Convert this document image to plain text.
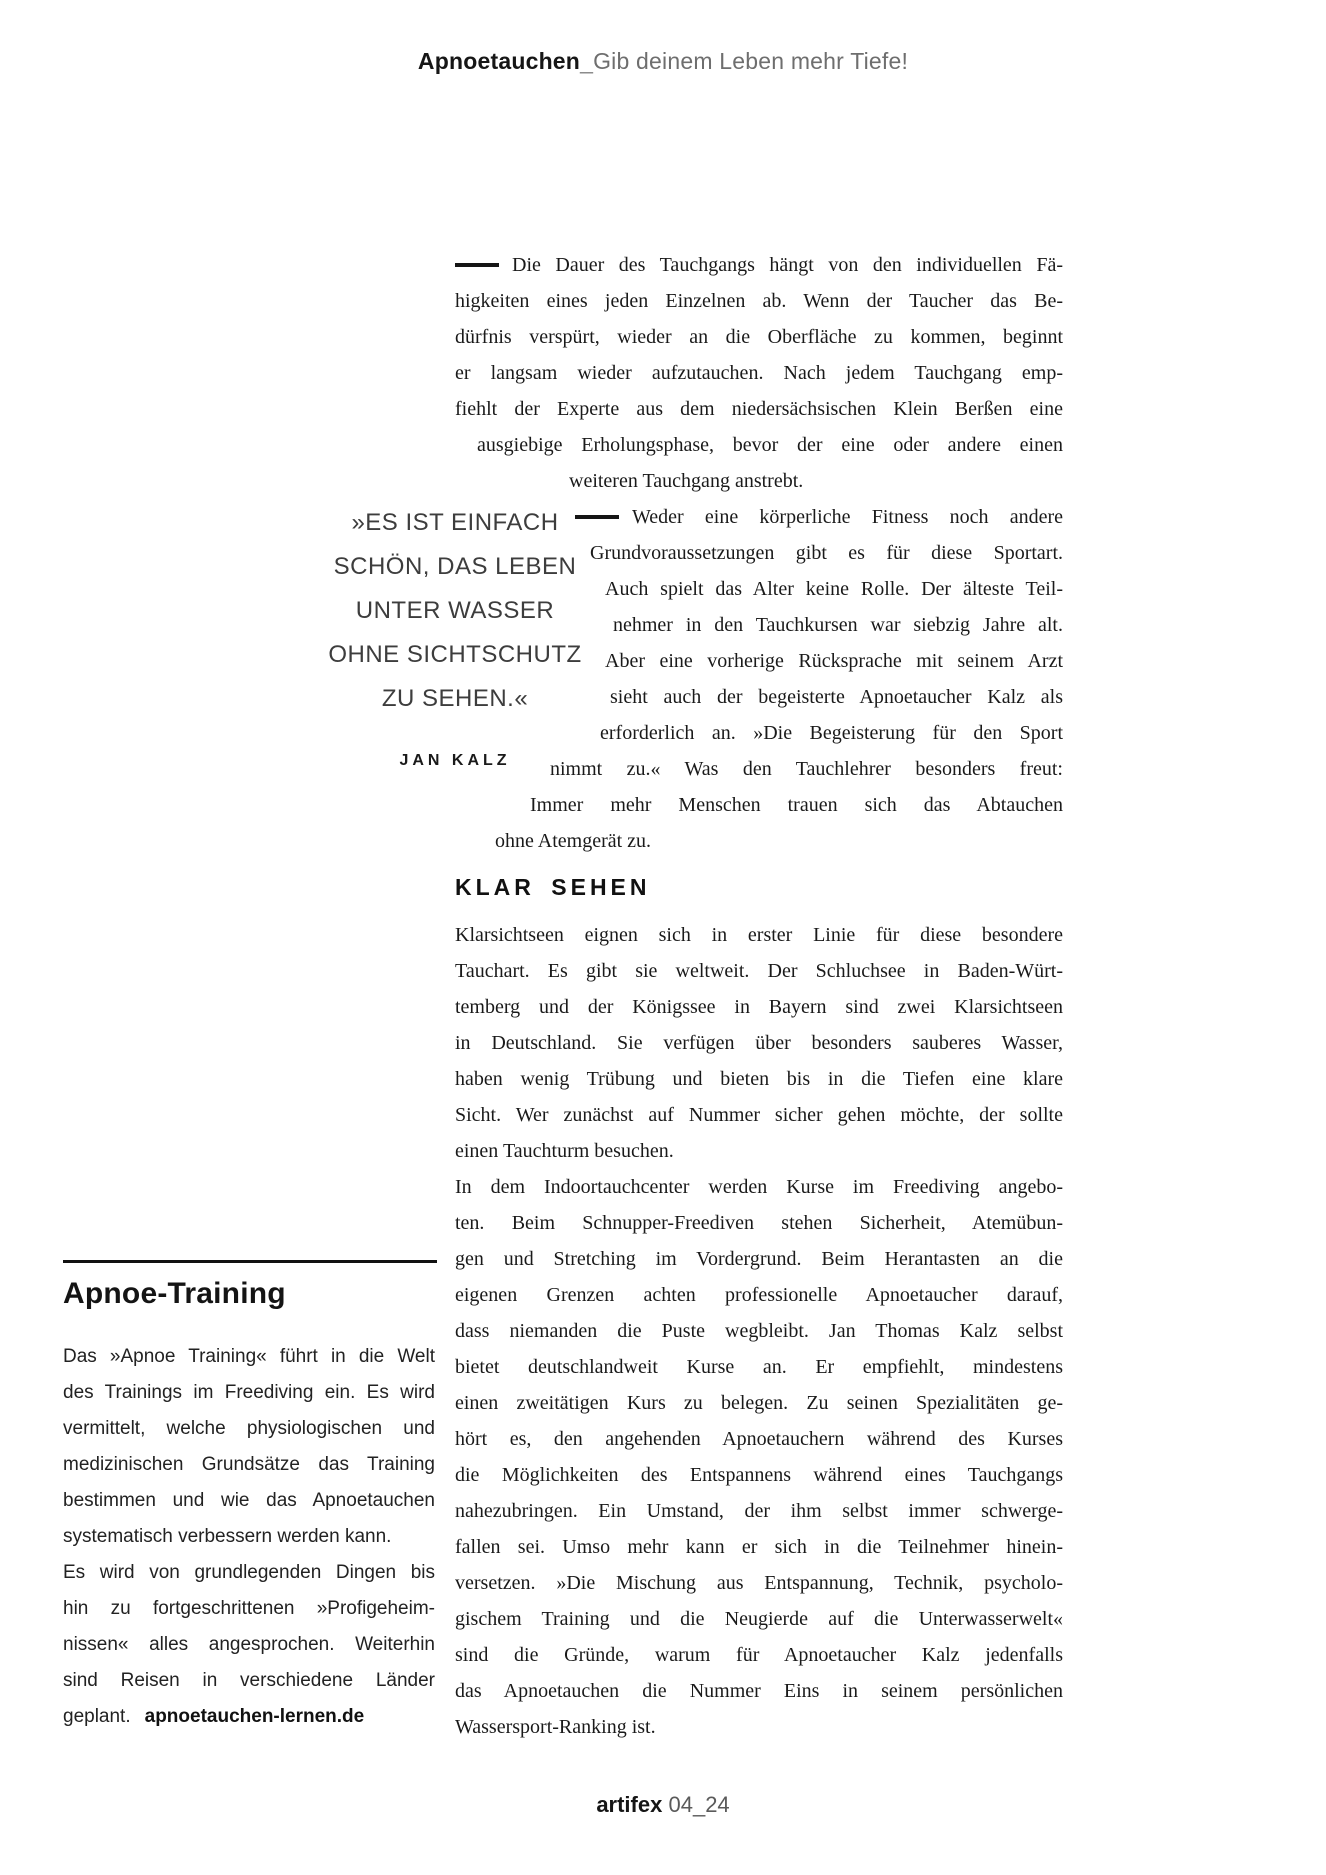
Apnoetauchen_Gib deinem Leben mehr Tiefe!
»ES IST EINFACH
SCHÖN, DAS LEBEN
UNTER WASSER
OHNE SICHTSCHUTZ
ZU SEHEN.«
JAN KALZ
Die Dauer des Tauchgangs hängt von den individuellen Fä-
higkeiten eines jeden Einzelnen ab. Wenn der Taucher das Be-
dürfnis verspürt, wieder an die Oberfläche zu kommen, beginnt
er langsam wieder aufzutauchen. Nach jedem Tauchgang emp-
fiehlt der Experte aus dem niedersächsischen Klein Berßen eine
ausgiebige Erholungsphase, bevor der eine oder andere einen
weiteren Tauchgang anstrebt.
Weder eine körperliche Fitness noch andere
Grundvoraussetzungen gibt es für diese Sportart.
Auch spielt das Alter keine Rolle. Der älteste Teil-
nehmer in den Tauchkursen war siebzig Jahre alt.
Aber eine vorherige Rücksprache mit seinem Arzt
sieht auch der begeisterte Apnoetaucher Kalz als
erforderlich an. »Die Begeisterung für den Sport
nimmt zu.« Was den Tauchlehrer besonders freut:
Immer mehr Menschen trauen sich das Abtauchen
ohne Atemgerät zu.
KLAR SEHEN
Klarsichtseen eignen sich in erster Linie für diese besondere
Tauchart. Es gibt sie weltweit. Der Schluchsee in Baden-Würt-
temberg und der Königssee in Bayern sind zwei Klarsichtseen
in Deutschland. Sie verfügen über besonders sauberes Wasser,
haben wenig Trübung und bieten bis in die Tiefen eine klare
Sicht. Wer zunächst auf Nummer sicher gehen möchte, der sollte
einen Tauchturm besuchen.
In dem Indoortauchcenter werden Kurse im Freediving angebo-
ten. Beim Schnupper-Freediven stehen Sicherheit, Atemübun-
gen und Stretching im Vordergrund. Beim Herantasten an die
eigenen Grenzen achten professionelle Apnoetaucher darauf,
dass niemanden die Puste wegbleibt. Jan Thomas Kalz selbst
bietet deutschlandweit Kurse an. Er empfiehlt, mindestens
einen zweitätigen Kurs zu belegen. Zu seinen Spezialitäten ge-
hört es, den angehenden Apnoetauchern während des Kurses
die Möglichkeiten des Entspannens während eines Tauchgangs
nahezubringen. Ein Umstand, der ihm selbst immer schwerge-
fallen sei. Umso mehr kann er sich in die Teilnehmer hinein-
versetzen. »Die Mischung aus Entspannung, Technik, psycholo-
gischem Training und die Neugierde auf die Unterwasserwelt«
sind die Gründe, warum für Apnoetaucher Kalz jedenfalls
das Apnoetauchen die Nummer Eins in seinem persönlichen
Wassersport-Ranking ist.
Apnoe-Training
Das »Apnoe Training« führt in die Welt
des Trainings im Freediving ein. Es wird
vermittelt, welche physiologischen und
medizinischen Grundsätze das Training
bestimmen und wie das Apnoetauchen
systematisch verbessern werden kann.
Es wird von grundlegenden Dingen bis
hin zu fortgeschrittenen »Profigeheim-
nissen« alles angesprochen. Weiterhin
sind Reisen in verschiedene Länder
geplant. apnoetauchen-lernen.de
artifex 04_24
